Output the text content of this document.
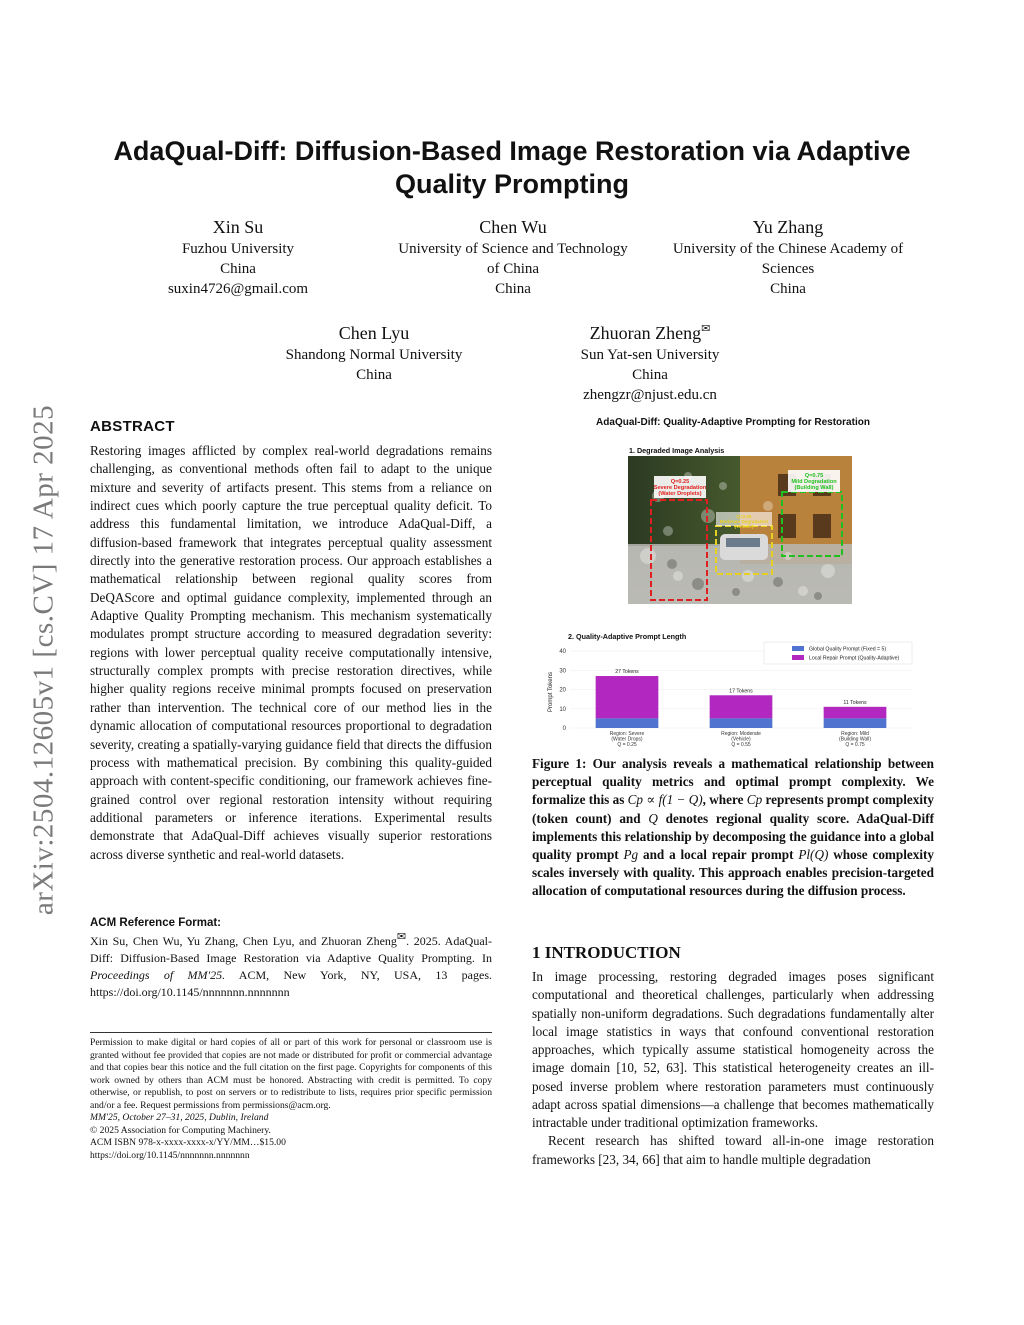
arXiv:2504.12605v1 [cs.CV] 17 Apr 2025
AdaQual-Diff: Diffusion-Based Image Restoration via Adaptive Quality Prompting
Xin Su
Fuzhou University
China
suxin4726@gmail.com
Chen Wu
University of Science and Technology
of China
China
Yu Zhang
University of the Chinese Academy of
Sciences
China
Chen Lyu
Shandong Normal University
China
Zhuoran Zheng✉
Sun Yat-sen University
China
zhengzr@njust.edu.cn
ABSTRACT
Restoring images afflicted by complex real-world degradations remains challenging, as conventional methods often fail to adapt to the unique mixture and severity of artifacts present. This stems from a reliance on indirect cues which poorly capture the true perceptual quality deficit. To address this fundamental limitation, we introduce AdaQual-Diff, a diffusion-based framework that integrates perceptual quality assessment directly into the generative restoration process. Our approach establishes a mathematical relationship between regional quality scores from DeQAScore and optimal guidance complexity, implemented through an Adaptive Quality Prompting mechanism. This mechanism systematically modulates prompt structure according to measured degradation severity: regions with lower perceptual quality receive computationally intensive, structurally complex prompts with precise restoration directives, while higher quality regions receive minimal prompts focused on preservation rather than intervention. The technical core of our method lies in the dynamic allocation of computational resources proportional to degradation severity, creating a spatially-varying guidance field that directs the diffusion process with mathematical precision. By combining this quality-guided approach with content-specific conditioning, our framework achieves fine-grained control over regional restoration intensity without requiring additional parameters or inference iterations. Experimental results demonstrate that AdaQual-Diff achieves visually superior restorations across diverse synthetic and real-world datasets.
ACM Reference Format:
Xin Su, Chen Wu, Yu Zhang, Chen Lyu, and Zhuoran Zheng✉. 2025. AdaQual-Diff: Diffusion-Based Image Restoration via Adaptive Quality Prompting. In Proceedings of MM'25. ACM, New York, NY, USA, 13 pages. https://doi.org/10.1145/nnnnnnn.nnnnnnn

Permission to make digital or hard copies of all or part of this work for personal or classroom use is granted without fee provided that copies are not made or distributed for profit or commercial advantage and that copies bear this notice and the full citation on the first page. Copyrights for components of this work owned by others than ACM must be honored. Abstracting with credit is permitted. To copy otherwise, or republish, to post on servers or to redistribute to lists, requires prior specific permission and/or a fee. Request permissions from permissions@acm.org.

MM'25, October 27–31, 2025, Dublin, Ireland

© 2025 Association for Computing Machinery.

ACM ISBN 978-x-xxxx-xxxx-x/YY/MM…$15.00

https://doi.org/10.1145/nnnnnnn.nnnnnnn

AdaQual-Diff: Quality-Adaptive Prompting for Restoration
1. Degraded Image Analysis
Q=0.25
Severe Degradation
(Water Droplets)
Q=0.55
Moderate Degradation
(Vehicle)
Q=0.75
Mild Degradation
(Building Wall)
2. Quality-Adaptive Prompt Length
Prompt Tokens
0
10
20
30
40
27 Tokens
17 Tokens
11 Tokens
Region: Severe
(Water Drops)
Q = 0.25
Region: Moderate
(Vehicle)
Q = 0.55
Region: Mild
(Building Wall)
Q = 0.75
Global Quality Prompt (Fixed = 5)
Local Repair Prompt (Quality-Adaptive)
Figure 1: Our analysis reveals a mathematical relationship between perceptual quality metrics and optimal prompt complexity. We formalize this as Cp ∝ f(1 − Q), where Cp represents prompt complexity (token count) and Q denotes regional quality score. AdaQual-Diff implements this relationship by decomposing the guidance into a global quality prompt Pg and a local repair prompt Pl(Q) whose complexity scales inversely with quality. This approach enables precision-targeted allocation of computational resources during the diffusion process.
1 INTRODUCTION

In image processing, restoring degraded images poses significant computational and theoretical challenges, particularly when addressing spatially non-uniform degradations. Such degradations fundamentally alter local image statistics in ways that confound conventional restoration approaches, which typically assume statistical homogeneity across the image domain [10, 52, 63]. This statistical heterogeneity creates an ill-posed inverse problem where restoration parameters must continuously adapt across spatial dimensions—a challenge that becomes mathematically intractable under traditional optimization frameworks.

Recent research has shifted toward all-in-one image restoration frameworks [23, 34, 66] that aim to handle multiple degradation
